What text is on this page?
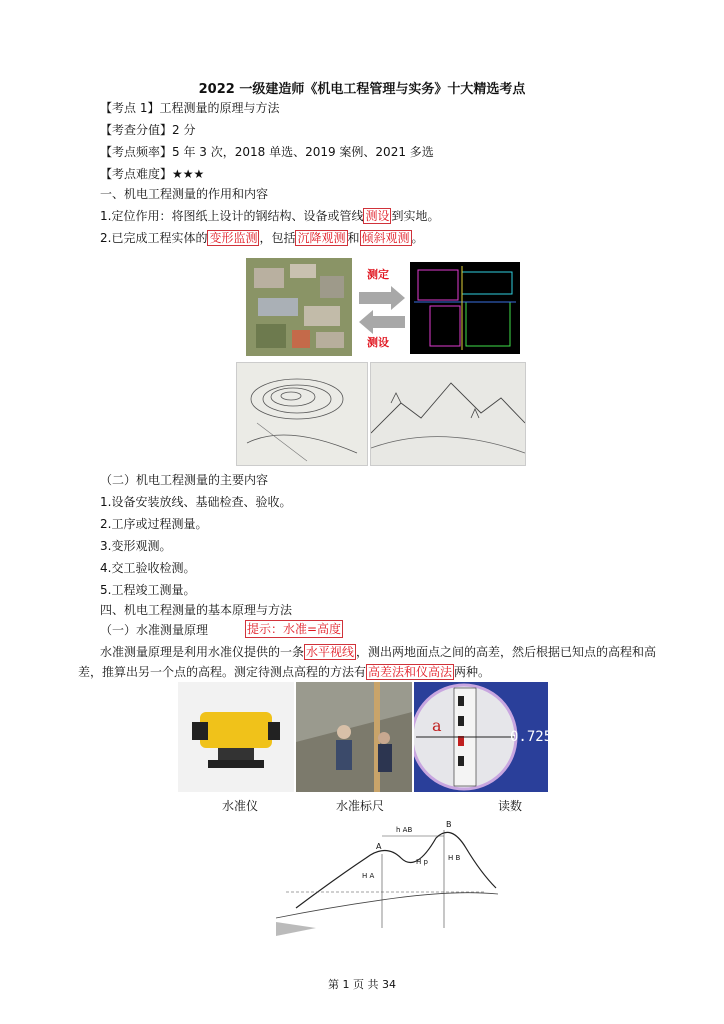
2022 一级建造师《机电工程管理与实务》十大精选考点
【考点 1】工程测量的原理与方法
【考查分值】2 分
【考点频率】5 年 3 次，2018 单选、2019 案例、2021 多选
【考点难度】★★★
一、机电工程测量的作用和内容
1.定位作用：将图纸上设计的钢结构、设备或管线 测设 到实地。
2.已完成工程实体的 变形监测 ，包括 沉降观测 和 倾斜观测 。
测定
测设
（二）机电工程测量的主要内容
1.设备安装放线、基础检查、验收。
2.工序或过程测量。
3.变形观测。
4.交工验收检测。
5.工程竣工测量。
四、机电工程测量的基本原理与方法
（一）水准测量原理	提示：水准=高度
水准测量原理是利用水准仪提供的一条 水平视线 ，测出两地面点之间的高差，然后根据已知点的高程和高
差，推算出另一个点的高程。测定待测点高程的方法有 高差法和仪高法 两种。
a
0.725
水准仪	水准标尺	读数
A
B
h AB
H B
H A
H p
第 1 页 共 34
